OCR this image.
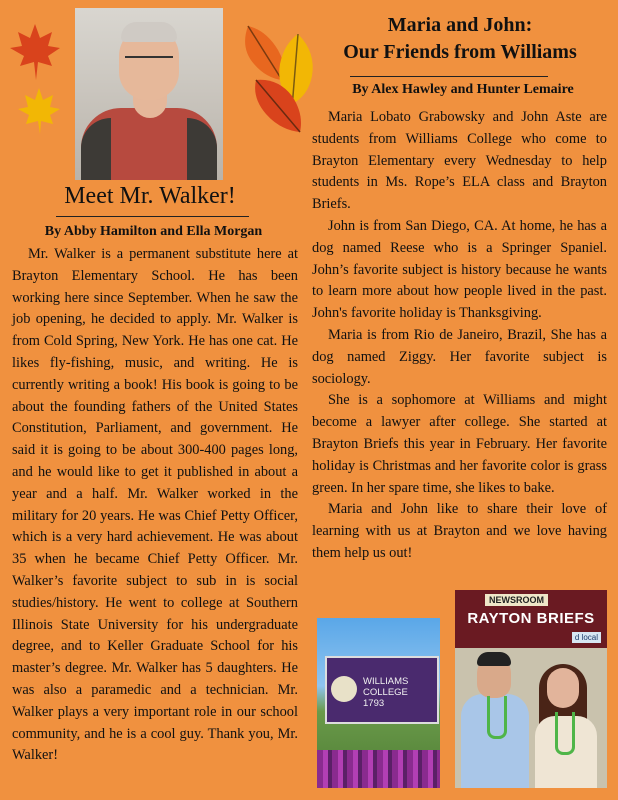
Meet Mr. Walker!
By Abby Hamilton and Ella Morgan

Mr. Walker is a permanent substitute here at Brayton Elementary School. He has been working here since September. When he saw the job opening, he decided to apply. Mr. Walker is from Cold Spring, New York. He has one cat. He likes fly-fishing, music, and writing. He is currently writing a book! His book is going to be about the founding fathers of the United States Constitution, Parliament, and government. He said it is going to be about 300-400 pages long, and he would like to get it published in about a year and a half. Mr. Walker worked in the military for 20 years. He was Chief Petty Officer, which is a very hard achievement. He was about 35 when he became Chief Petty Officer. Mr. Walker’s favorite subject to sub in is social studies/history. He went to college at Southern Illinois State University for his undergraduate degree, and to Keller Graduate School for his master’s degree. Mr. Walker has 5 daughters. He was also a paramedic and a technician. Mr. Walker plays a very important role in our school community, and he is a cool guy. Thank you, Mr. Walker!

Maria and John:
Our Friends from Williams
By Alex Hawley and Hunter Lemaire

Maria Lobato Grabowsky and John Aste are students from Williams College who come to Brayton Elementary every Wednesday to help students in Ms. Rope’s ELA class and Brayton Briefs.

John is from San Diego, CA. At home, he has a dog named Reese who is a Springer Spaniel. John’s favorite subject is history because he wants to learn more about how people lived in the past. John's favorite holiday is Thanksgiving.

Maria is from Rio de Janeiro, Brazil, She has a dog named Ziggy. Her favorite subject is sociology.

She is a sophomore at Williams and might become a lawyer after college. She started at Brayton Briefs this year in February. Her favorite holiday is Christmas and her favorite color is grass green. In her spare time, she likes to bake.

Maria and John like to share their love of learning with us at Brayton and we love having them help us out!

WILLIAMS
COLLEGE
1793
NEWSROOM
RAYTON BRIEFS
d local
